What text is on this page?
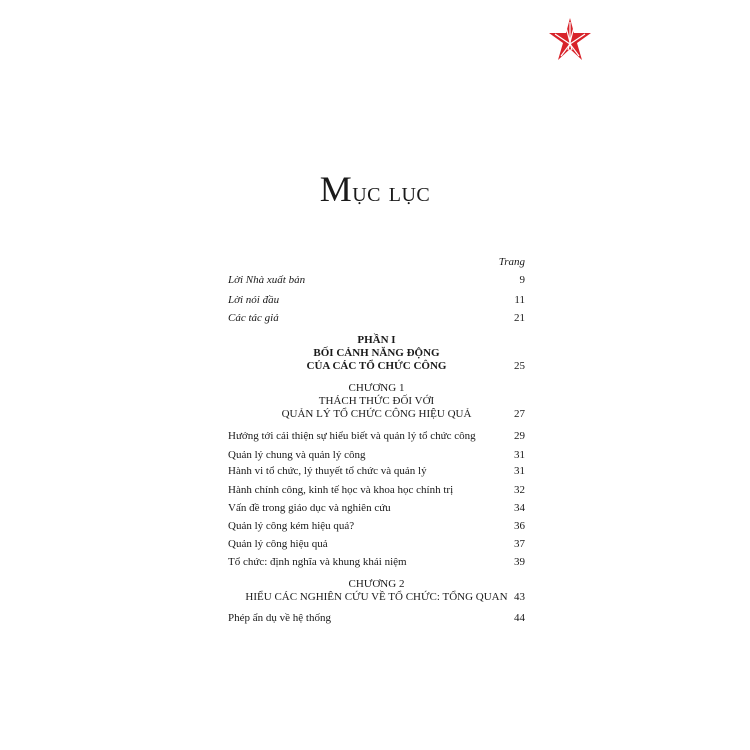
Mục lục
Trang
Lời Nhà xuất bản	9
Lời nói đầu	11
Các tác giả	21
PHẦN I
BỐI CẢNH NĂNG ĐỘNG
CỦA CÁC TỔ CHỨC CÔNG	25
CHƯƠNG 1
THÁCH THỨC ĐỐI VỚI
QUẢN LÝ TỔ CHỨC CÔNG HIỆU QUẢ	27
Hướng tới cải thiện sự hiểu biết và quản lý tổ chức công	29
Quản lý chung và quản lý công	31
Hành vi tổ chức, lý thuyết tổ chức và quản lý	31
Hành chính công, kinh tế học và khoa học chính trị	32
Vấn đề trong giáo dục và nghiên cứu	34
Quản lý công kém hiệu quả?	36
Quản lý công hiệu quả	37
Tổ chức: định nghĩa và khung khái niệm	39
CHƯƠNG 2
HIỂU CÁC NGHIÊN CỨU VỀ TỔ CHỨC: TỔNG QUAN 43
Phép ẩn dụ về hệ thống	44
